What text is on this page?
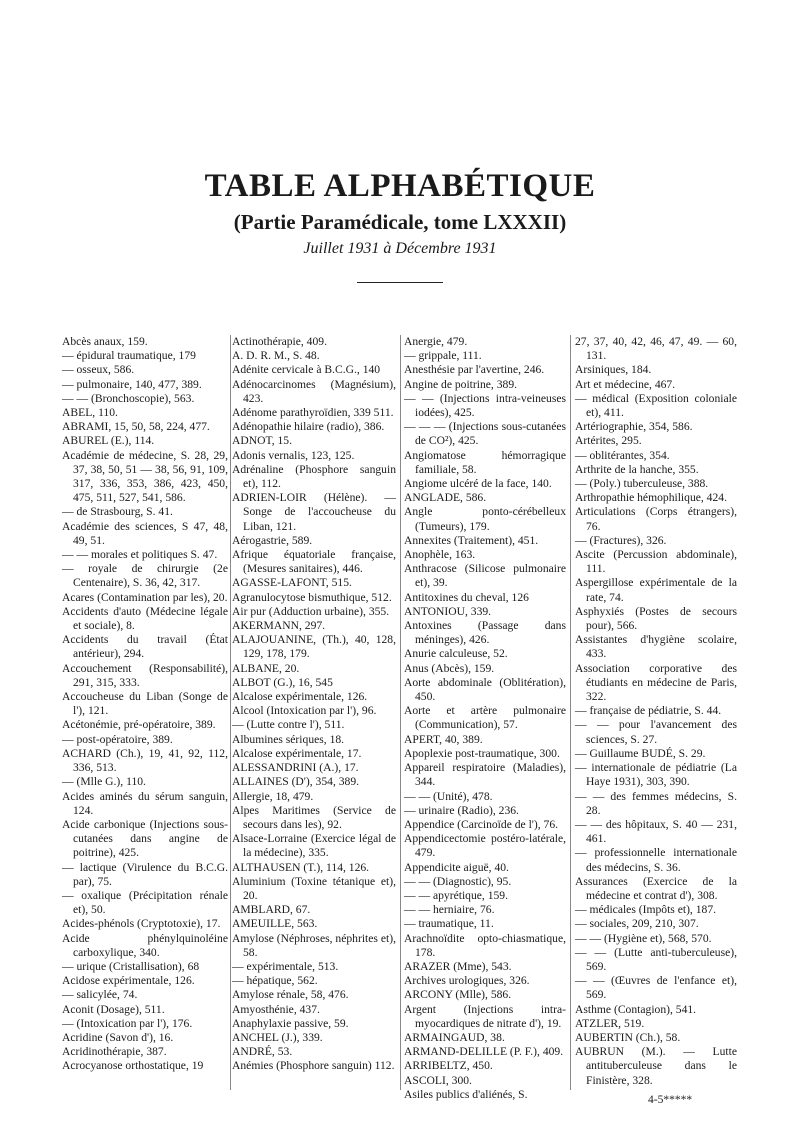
TABLE ALPHABÉTIQUE
(Partie Paramédicale, tome LXXXII)
Juillet 1931 à Décembre 1931
Abcès anaux, 159.
— épidural traumatique, 179
— osseux, 586.
— pulmonaire, 140, 477, 389.
— — (Bronchoscopie), 563.
ABEL, 110.
ABRAMI, 15, 50, 58, 224, 477.
ABUREL (E.), 114.
Académie de médecine, S. 28, 29, 37, 38, 50, 51 — 38, 56, 91, 109, 317, 336, 353, 386, 423, 450, 475, 511, 527, 541, 586.
— de Strasbourg, S. 41.
Académie des sciences, S 47, 48, 49, 51.
— — morales et politiques S. 47.
— royale de chirurgie (2e Centenaire), S. 36, 42, 317.
Acares (Contamination par les), 20.
Accidents d'auto (Médecine légale et sociale), 8.
Accidents du travail (État antérieur), 294.
Accouchement (Responsabilité), 291, 315, 333.
Accoucheuse du Liban (Songe de l'), 121.
Acétonémie, pré-opératoire, 389.
— post-opératoire, 389.
ACHARD (Ch.), 19, 41, 92, 112, 336, 513.
— (Mlle G.), 110.
Acides aminés du sérum sanguin, 124.
Acide carbonique (Injections sous-cutanées dans angine de poitrine), 425.
— lactique (Virulence du B.C.G. par), 75.
— oxalique (Précipitation rénale et), 50.
Acides-phénols (Cryptotoxie), 17.
Acide phénylquinoléine carboxylique, 340.
— urique (Cristallisation), 68
Acidose expérimentale, 126.
— salicylée, 74.
Aconit (Dosage), 511.
— (Intoxication par l'), 176.
Acridine (Savon d'), 16.
Acridinothérapie, 387.
Acrocyanose orthostatique, 19
Actinothérapie, 409.
A. D. R. M., S. 48.
Adénite cervicale à B.C.G., 140
Adénocarcinomes (Magnésium), 423.
Adénome parathyroïdien, 339 511.
Adénopathie hilaire (radio), 386.
ADNOT, 15.
Adonis vernalis, 123, 125.
Adrénaline (Phosphore sanguin et), 112.
ADRIEN-LOIR (Hélène). — Songe de l'accoucheuse du Liban, 121.
Aérogastrie, 589.
Afrique équatoriale française, (Mesures sanitaires), 446.
AGASSE-LAFONT, 515.
Agranulocytose bismuthique, 512.
Air pur (Adduction urbaine), 355.
AKERMANN, 297.
ALAJOUANINE, (Th.), 40, 128, 129, 178, 179.
ALBANE, 20.
ALBOT (G.), 16, 545
Alcalose expérimentale, 126.
Alcool (Intoxication par l'), 96.
— (Lutte contre l'), 511.
Albumines sériques, 18.
Alcalose expérimentale, 17.
ALESSANDRINI (A.), 17.
ALLAINES (D'), 354, 389.
Allergie, 18, 479.
Alpes Maritimes (Service de secours dans les), 92.
Alsace-Lorraine (Exercice légal de la médecine), 335.
ALTHAUSEN (T.), 114, 126.
Aluminium (Toxine tétanique et), 20.
AMBLARD, 67.
AMEUILLE, 563.
Amylose (Néphroses, néphrites et), 58.
— expérimentale, 513.
— hépatique, 562.
Amylose rénale, 58, 476.
Amyosthénie, 437.
Anaphylaxie passive, 59.
ANCHEL (J.), 339.
ANDRÉ, 53.
Anémies (Phosphore sanguin) 112.
Anergie, 479.
— grippale, 111.
Anesthésie par l'avertine, 246.
Angine de poitrine, 389.
— — (Injections intra-veineuses iodées), 425.
— — — (Injections sous-cutanées de CO²), 425.
Angiomatose hémorragique familiale, 58.
Angiome ulcéré de la face, 140.
ANGLADE, 586.
Angle ponto-cérébelleux (Tumeurs), 179.
Annexites (Traitement), 451.
Anophèle, 163.
Anthracose (Silicose pulmonaire et), 39.
Antitoxines du cheval, 126
ANTONIOU, 339.
Antoxines (Passage dans méninges), 426.
Anurie calculeuse, 52.
Anus (Abcès), 159.
Aorte abdominale (Oblitération), 450.
Aorte et artère pulmonaire (Communication), 57.
APERT, 40, 389.
Apoplexie post-traumatique, 300.
Appareil respiratoire (Maladies), 344.
— — (Unité), 478.
— urinaire (Radio), 236.
Appendice (Carcinoïde de l'), 76.
Appendicectomie postéro-latérale, 479.
Appendicite aiguë, 40.
— — (Diagnostic), 95.
— — apyrétique, 159.
— — herniaire, 76.
— traumatique, 11.
Arachnoïdite opto-chiasmatique, 178.
ARAZER (Mme), 543.
Archives urologiques, 326.
ARCONY (Mlle), 586.
Argent (Injections intra-myocardiques de nitrate d'), 19.
ARMAINGAUD, 38.
ARMAND-DELILLE (P. F.), 409.
ARRIBELTZ, 450.
ASCOLI, 300.
Asiles publics d'aliénés, S.
27, 37, 40, 42, 46, 47, 49. — 60, 131.
Arsiniques, 184.
Art et médecine, 467.
— médical (Exposition coloniale et), 411.
Artériographie, 354, 586.
Artérites, 295.
— oblitérantes, 354.
Arthrite de la hanche, 355.
— (Poly.) tuberculeuse, 388.
Arthropathie hémophilique, 424.
Articulations (Corps étrangers), 76.
— (Fractures), 326.
Ascite (Percussion abdominale), 111.
Aspergillose expérimentale de la rate, 74.
Asphyxiés (Postes de secours pour), 566.
Assistantes d'hygiène scolaire, 433.
Association corporative des étudiants en médecine de Paris, 322.
— française de pédiatrie, S. 44.
— — pour l'avancement des sciences, S. 27.
— Guillaume BUDÉ, S. 29.
— internationale de pédiatrie (La Haye 1931), 303, 390.
— — des femmes médecins, S. 28.
— — des hôpitaux, S. 40 — 231, 461.
— professionnelle internationale des médecins, S. 36.
Assurances (Exercice de la médecine et contrat d'), 308.
— médicales (Impôts et), 187.
— sociales, 209, 210, 307.
— — (Hygiène et), 568, 570.
— — (Lutte anti-tuberculeuse), 569.
— — (Œuvres de l'enfance et), 569.
Asthme (Contagion), 541.
ATZLER, 519.
AUBERTIN (Ch.), 58.
AUBRUN (M.). — Lutte antituberculeuse dans le Finistère, 328.
4-5*****
